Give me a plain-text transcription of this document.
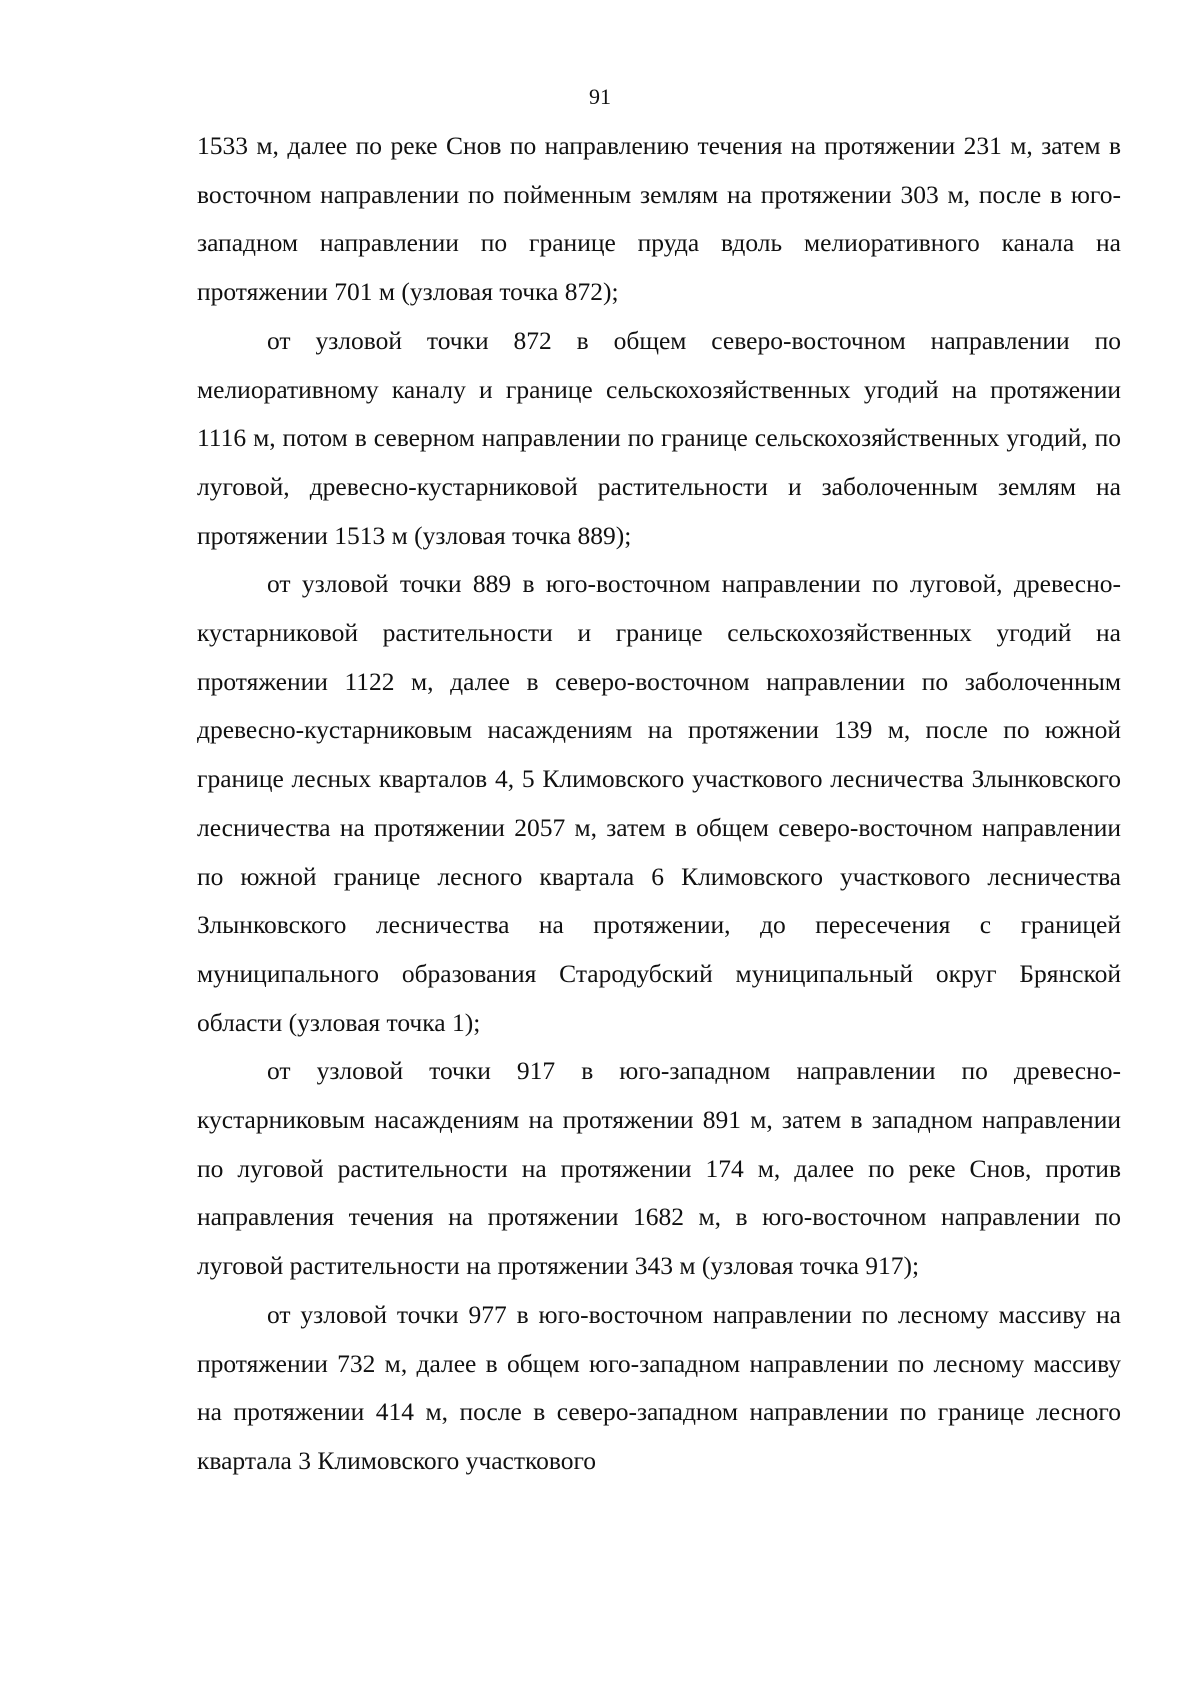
91

1533 м, далее по реке Снов по направлению течения на протяжении 231 м, затем в восточном направлении по пойменным землям на протяжении 303 м, после в юго-западном направлении по границе пруда вдоль мелиоративного канала на протяжении 701 м (узловая точка 872);

от узловой точки 872 в общем северо-восточном направлении по мелиоративному каналу и границе сельскохозяйственных угодий на протяжении 1116 м, потом в северном направлении по границе сельскохозяйственных угодий, по луговой, древесно-кустарниковой растительности и заболоченным землям на протяжении 1513 м (узловая точка 889);

от узловой точки 889 в юго-восточном направлении по луговой, древесно-кустарниковой растительности и границе сельскохозяйственных угодий на протяжении 1122 м, далее в северо-восточном направлении по заболоченным древесно-кустарниковым насаждениям на протяжении 139 м, после по южной границе лесных кварталов 4, 5 Климовского участкового лесничества Злынковского лесничества на протяжении 2057 м, затем в общем северо-восточном направлении по южной границе лесного квартала 6 Климовского участкового лесничества Злынковского лесничества на протяжении, до пересечения с границей муниципального образования Стародубский муниципальный округ Брянской области (узловая точка 1);

от узловой точки 917 в юго-западном направлении по древесно-кустарниковым насаждениям на протяжении 891 м, затем в западном направлении по луговой растительности на протяжении 174 м, далее по реке Снов, против направления течения на протяжении 1682 м, в юго-восточном направлении по луговой растительности на протяжении 343 м (узловая точка 917);

от узловой точки 977 в юго-восточном направлении по лесному массиву на протяжении 732 м, далее в общем юго-западном направлении по лесному массиву на протяжении 414 м, после в северо-западном направлении по границе лесного квартала 3 Климовского участкового
